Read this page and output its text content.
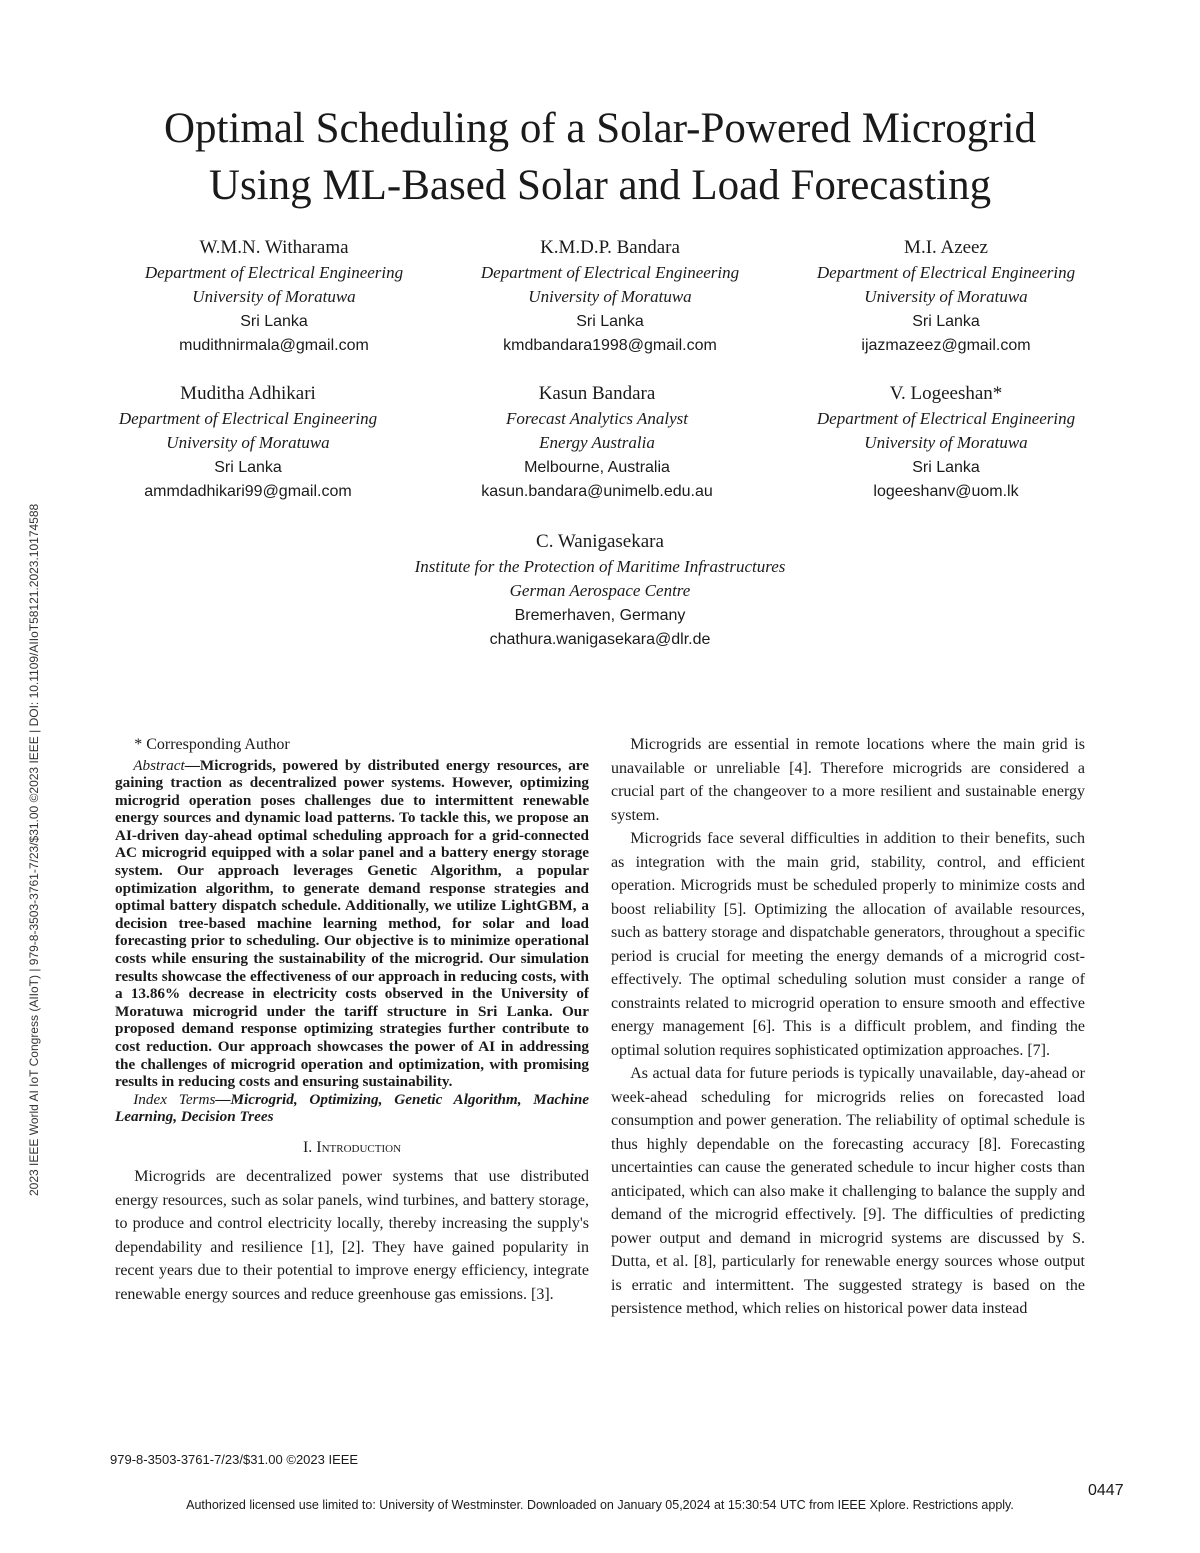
2023 IEEE World AI IoT Congress (AIIoT) | 979-8-3503-3761-7/23/$31.00 ©2023 IEEE | DOI: 10.1109/AIIoT58121.2023.10174588
Optimal Scheduling of a Solar-Powered Microgrid
Using ML-Based Solar and Load Forecasting
W.M.N. Witharama
Department of Electrical Engineering
University of Moratuwa
Sri Lanka
mudithnirmala@gmail.com
K.M.D.P. Bandara
Department of Electrical Engineering
University of Moratuwa
Sri Lanka
kmdbandara1998@gmail.com
M.I. Azeez
Department of Electrical Engineering
University of Moratuwa
Sri Lanka
ijazmazeez@gmail.com
Muditha Adhikari
Department of Electrical Engineering
University of Moratuwa
Sri Lanka
ammdadhikari99@gmail.com
Kasun Bandara
Forecast Analytics Analyst
Energy Australia
Melbourne, Australia
kasun.bandara@unimelb.edu.au
V. Logeeshan*
Department of Electrical Engineering
University of Moratuwa
Sri Lanka
logeeshanv@uom.lk
C. Wanigasekara
Institute for the Protection of Maritime Infrastructures
German Aerospace Centre
Bremerhaven, Germany
chathura.wanigasekara@dlr.de

* Corresponding Author

Abstract—Microgrids, powered by distributed energy resources, are gaining traction as decentralized power systems. However, optimizing microgrid operation poses challenges due to intermittent renewable energy sources and dynamic load patterns. To tackle this, we propose an AI-driven day-ahead optimal scheduling approach for a grid-connected AC microgrid equipped with a solar panel and a battery energy storage system. Our approach leverages Genetic Algorithm, a popular optimization algorithm, to generate demand response strategies and optimal battery dispatch schedule. Additionally, we utilize LightGBM, a decision tree-based machine learning method, for solar and load forecasting prior to scheduling. Our objective is to minimize operational costs while ensuring the sustainability of the microgrid. Our simulation results showcase the effectiveness of our approach in reducing costs, with a 13.86% decrease in electricity costs observed in the University of Moratuwa microgrid under the tariff structure in Sri Lanka. Our proposed demand response optimizing strategies further contribute to cost reduction. Our approach showcases the power of AI in addressing the challenges of microgrid operation and optimization, with promising results in reducing costs and ensuring sustainability.

Index Terms—Microgrid, Optimizing, Genetic Algorithm, Machine Learning, Decision Trees

I. Introduction

Microgrids are decentralized power systems that use distributed energy resources, such as solar panels, wind turbines, and battery storage, to produce and control electricity locally, thereby increasing the supply's dependability and resilience [1], [2]. They have gained popularity in recent years due to their potential to improve energy efficiency, integrate renewable energy sources and reduce greenhouse gas emissions. [3].

Microgrids are essential in remote locations where the main grid is unavailable or unreliable [4]. Therefore microgrids are considered a crucial part of the changeover to a more resilient and sustainable energy system.

Microgrids face several difficulties in addition to their benefits, such as integration with the main grid, stability, control, and efficient operation. Microgrids must be scheduled properly to minimize costs and boost reliability [5]. Optimizing the allocation of available resources, such as battery storage and dispatchable generators, throughout a specific period is crucial for meeting the energy demands of a microgrid cost-effectively. The optimal scheduling solution must consider a range of constraints related to microgrid operation to ensure smooth and effective energy management [6]. This is a difficult problem, and finding the optimal solution requires sophisticated optimization approaches. [7].

As actual data for future periods is typically unavailable, day-ahead or week-ahead scheduling for microgrids relies on forecasted load consumption and power generation. The reliability of optimal schedule is thus highly dependable on the forecasting accuracy [8]. Forecasting uncertainties can cause the generated schedule to incur higher costs than anticipated, which can also make it challenging to balance the supply and demand of the microgrid effectively. [9]. The difficulties of predicting power output and demand in microgrid systems are discussed by S. Dutta, et al. [8], particularly for renewable energy sources whose output is erratic and intermittent. The suggested strategy is based on the persistence method, which relies on historical power data instead

979-8-3503-3761-7/23/$31.00 ©2023 IEEE
0447
Authorized licensed use limited to: University of Westminster. Downloaded on January 05,2024 at 15:30:54 UTC from IEEE Xplore. Restrictions apply.
